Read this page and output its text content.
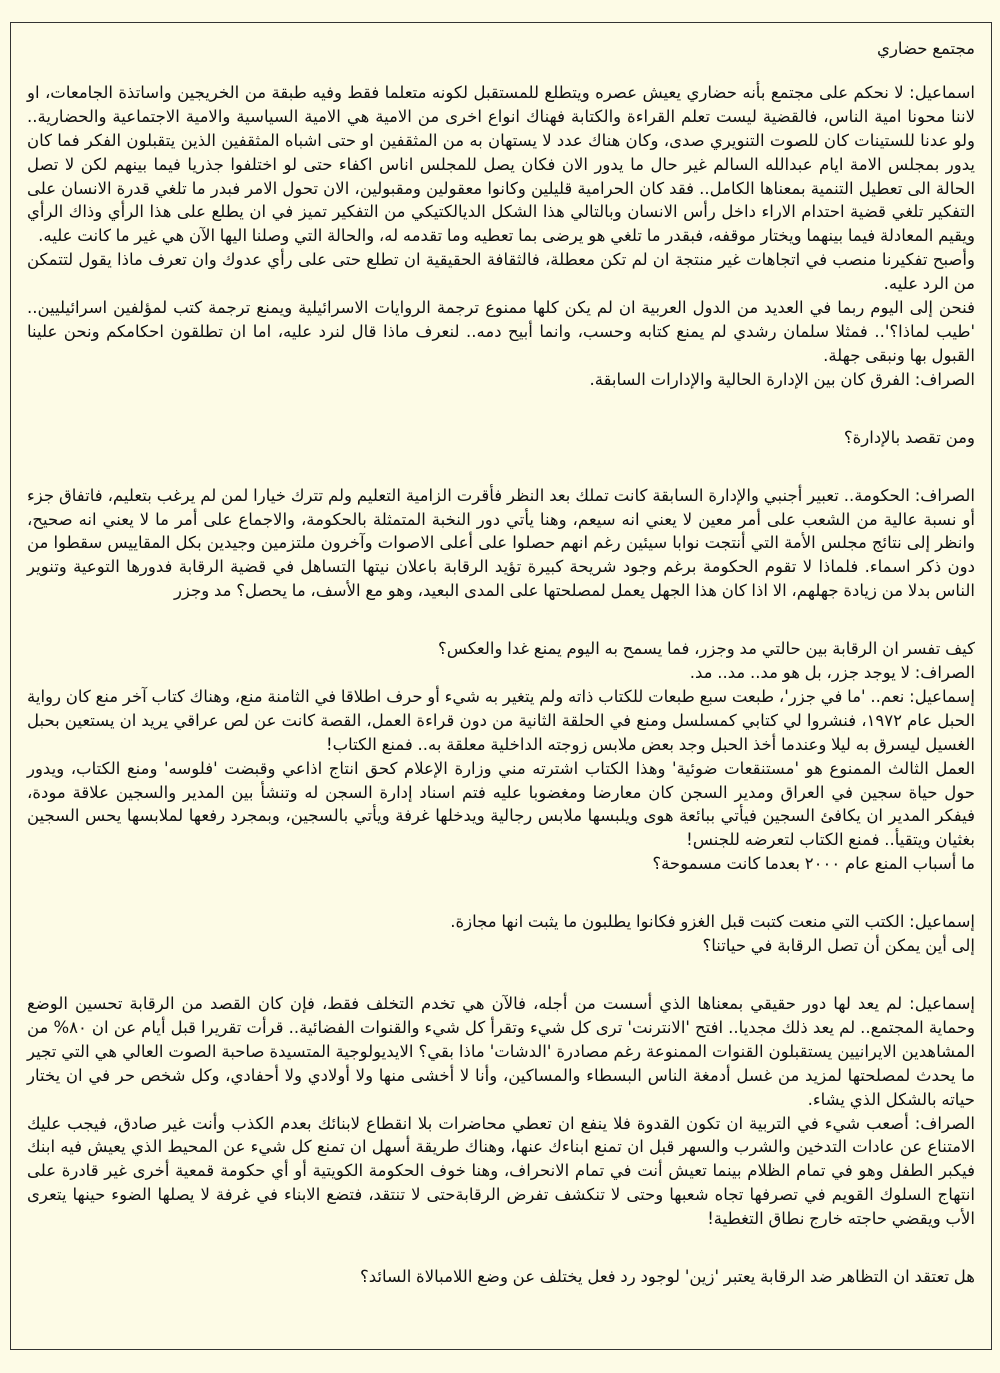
مجتمع حضاري

اسماعيل: لا نحكم على مجتمع بأنه حضاري يعيش عصره ويتطلع للمستقبل لكونه متعلما فقط وفيه طبقة من الخريجين واساتذة الجامعات، او لاننا محونا امية الناس، فالقضية ليست تعلم القراءة والكتابة فهناك انواع اخرى من الامية هي الامية السياسية والامية الاجتماعية والحضارية.. ولو عدنا للستينات كان للصوت التنويري صدى، وكان هناك عدد لا يستهان به من المثقفين او حتى اشباه المثقفين الذين يتقبلون الفكر فما كان يدور بمجلس الامة ايام عبدالله السالم غير حال ما يدور الان فكان يصل للمجلس اناس اكفاء حتى لو اختلفوا جذريا فيما بينهم لكن لا تصل الحالة الى تعطيل التنمية بمعناها الكامل.. فقد كان الحرامية قليلين وكانوا معقولين ومقبولين، الان تحول الامر فبدر ما تلغي قدرة الانسان على التفكير تلغي قضية احتدام الاراء داخل رأس الانسان وبالتالي هذا الشكل الديالكتيكي من التفكير تميز في ان يطلع على هذا الرأي وذاك الرأي ويقيم المعادلة فيما بينهما ويختار موقفه، فبقدر ما تلغي هو يرضى بما تعطيه وما تقدمه له، والحالة التي وصلنا اليها الآن هي غير ما كانت عليه.

وأصبح تفكيرنا منصب في اتجاهات غير منتجة ان لم تكن معطلة، فالثقافة الحقيقية ان تطلع حتى على رأي عدوك وان تعرف ماذا يقول لتتمكن من الرد عليه.

فنحن إلى اليوم ربما في العديد من الدول العربية ان لم يكن كلها ممنوع ترجمة الروايات الاسرائيلية ويمنع ترجمة كتب لمؤلفين اسرائيليين.. 'طيب لماذا؟'.. فمثلا سلمان رشدي لم يمنع كتابه وحسب، وانما أبيح دمه.. لنعرف ماذا قال لنرد عليه، اما ان تطلقون احكامكم ونحن علينا القبول بها ونبقى جهلة.

الصراف: الفرق كان بين الإدارة الحالية والإدارات السابقة.

ومن تقصد بالإدارة؟

الصراف: الحكومة.. تعبير أجنبي والإدارة السابقة كانت تملك بعد النظر فأقرت الزامية التعليم ولم تترك خيارا لمن لم يرغب بتعليم، فاتفاق جزء أو نسبة عالية من الشعب على أمر معين لا يعني انه سيعم، وهنا يأتي دور النخبة المتمثلة بالحكومة، والاجماع على أمر ما لا يعني انه صحيح، وانظر إلى نتائج مجلس الأمة التي أنتجت نوابا سيئين رغم انهم حصلوا على أعلى الاصوات وآخرون ملتزمين وجيدين بكل المقاييس سقطوا من دون ذكر اسماء. فلماذا لا تقوم الحكومة برغم وجود شريحة كبيرة تؤيد الرقابة باعلان نيتها التساهل في قضية الرقابة فدورها التوعية وتنوير الناس بدلا من زيادة جهلهم، الا اذا كان هذا الجهل يعمل لمصلحتها على المدى البعيد، وهو مع الأسف، ما يحصل؟ مد وجزر

كيف تفسر ان الرقابة بين حالتي مد وجزر، فما يسمح به اليوم يمنع غدا والعكس؟

الصراف: لا يوجد جزر، بل هو مد.. مد.. مد.

إسماعيل: نعم.. 'ما في جزر'، طبعت سبع طبعات للكتاب ذاته ولم يتغير به شيء أو حرف اطلاقا في الثامنة منع، وهناك كتاب آخر منع كان رواية الحبل عام ١٩٧٢، فنشروا لي كتابي كمسلسل ومنع في الحلقة الثانية من دون قراءة العمل، القصة كانت عن لص عراقي يريد ان يستعين بحبل الغسيل ليسرق به ليلا وعندما أخذ الحبل وجد بعض ملابس زوجته الداخلية معلقة به.. فمنع الكتاب!

العمل الثالث الممنوع هو 'مستنقعات ضوئية' وهذا الكتاب اشترته مني وزارة الإعلام كحق انتاج اذاعي وقبضت 'فلوسه' ومنع الكتاب، ويدور حول حياة سجين في العراق ومدير السجن كان معارضا ومغضوبا عليه فتم اسناد إدارة السجن له وتنشأ بين المدير والسجين علاقة مودة، فيفكر المدير ان يكافئ السجين فيأتي ببائعة هوى ويلبسها ملابس رجالية ويدخلها غرفة ويأتي بالسجين، وبمجرد رفعها لملابسها يحس السجين بغثيان ويتقيأ.. فمنع الكتاب لتعرضه للجنس!

ما أسباب المنع عام ٢٠٠٠ بعدما كانت مسموحة؟

إسماعيل: الكتب التي منعت كتبت قبل الغزو فكانوا يطلبون ما يثبت انها مجازة.

إلى أين يمكن أن تصل الرقابة في حياتنا؟

إسماعيل: لم يعد لها دور حقيقي بمعناها الذي أسست من أجله، فالآن هي تخدم التخلف فقط، فإن كان القصد من الرقابة تحسين الوضع وحماية المجتمع.. لم يعد ذلك مجديا.. افتح 'الانترنت' ترى كل شيء وتقرأ كل شيء والقنوات الفضائية.. قرأت تقريرا قبل أيام عن ان ٨٠% من المشاهدين الايرانيين يستقبلون القنوات الممنوعة رغم مصادرة 'الدشات' ماذا بقي؟ الايديولوجية المتسيدة صاحبة الصوت العالي هي التي تجير ما يحدث لمصلحتها لمزيد من غسل أدمغة الناس البسطاء والمساكين، وأنا لا أخشى منها ولا أولادي ولا أحفادي، وكل شخص حر في ان يختار حياته بالشكل الذي يشاء.

الصراف: أصعب شيء في التربية ان تكون القدوة فلا ينفع ان تعطي محاضرات بلا انقطاع لابنائك بعدم الكذب وأنت غير صادق، فيجب عليك الامتناع عن عادات التدخين والشرب والسهر قبل ان تمنع ابناءك عنها، وهناك طريقة أسهل ان تمنع كل شيء عن المحيط الذي يعيش فيه ابنك فيكبر الطفل وهو في تمام الظلام بينما تعيش أنت في تمام الانحراف، وهنا خوف الحكومة الكويتية أو أي حكومة قمعية أخرى غير قادرة على انتهاج السلوك القويم في تصرفها تجاه شعبها وحتى لا تنكشف تفرض الرقابةحتى لا تنتقد، فتضع الابناء في غرفة لا يصلها الضوء حينها يتعرى الأب ويقضي حاجته خارج نطاق التغطية!

هل تعتقد ان التظاهر ضد الرقابة يعتبر 'زين' لوجود رد فعل يختلف عن وضع اللامبالاة السائد؟
